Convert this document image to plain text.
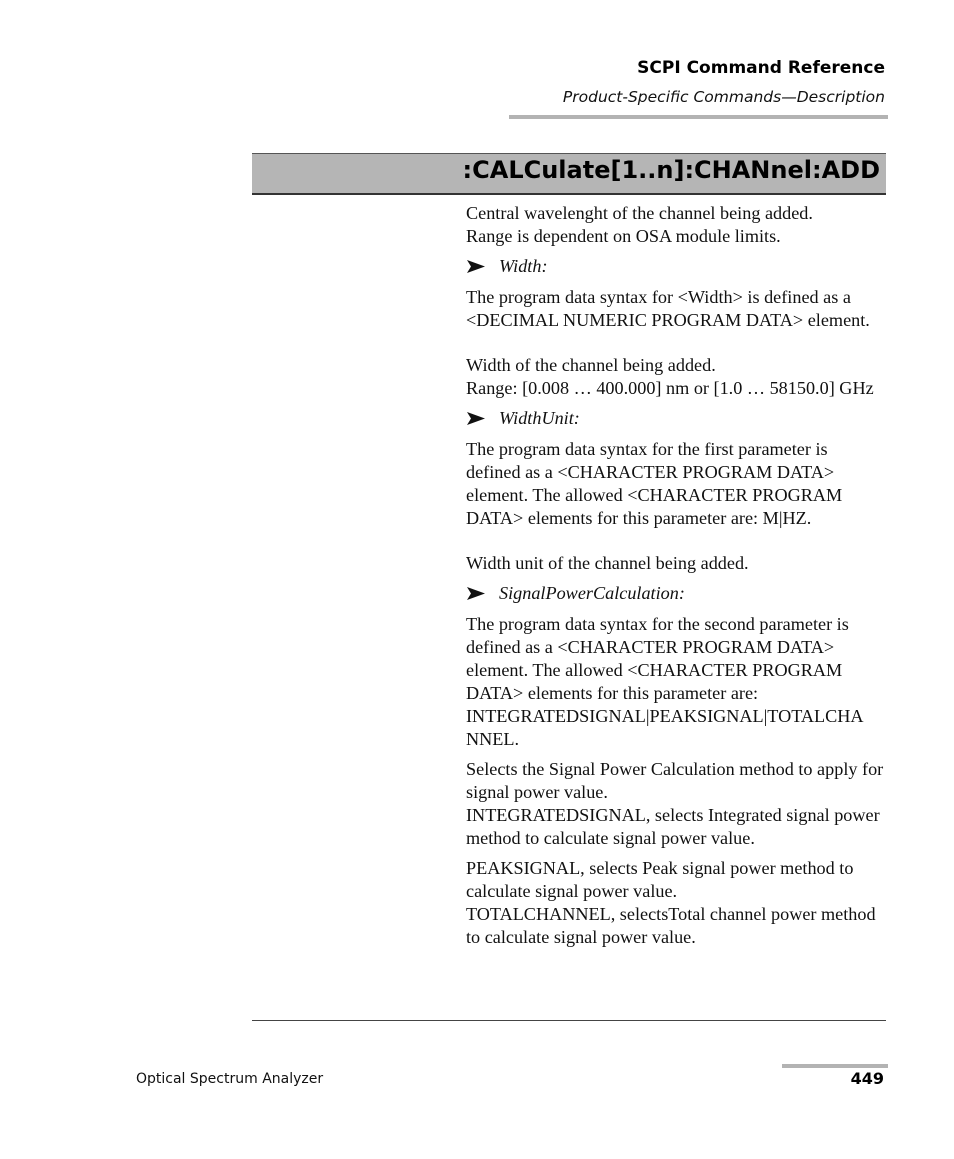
SCPI Command Reference
Product-Specific Commands—Description
:CALCulate[1..n]:CHANnel:ADD

Central wavelenght of the channel being added.
Range is dependent on OSA module limits.

Width:

The program data syntax for <Width> is defined as a <DECIMAL NUMERIC PROGRAM DATA> element.

Width of the channel being added.
Range: [0.008 … 400.000] nm or [1.0 … 58150.0] GHz

WidthUnit:

The program data syntax for the first parameter is defined as a <CHARACTER PROGRAM DATA> element. The allowed <CHARACTER PROGRAM DATA> elements for this parameter are: M|HZ.

Width unit of the channel being added.

SignalPowerCalculation:

The program data syntax for the second parameter is defined as a <CHARACTER PROGRAM DATA> element. The allowed <CHARACTER PROGRAM DATA> elements for this parameter are:
INTEGRATEDSIGNAL|PEAKSIGNAL|TOTALCHA
NNEL.

Selects the Signal Power Calculation method to apply for signal power value.
INTEGRATEDSIGNAL, selects Integrated signal power method to calculate signal power value.

PEAKSIGNAL, selects Peak signal power method to calculate signal power value.
TOTALCHANNEL, selectsTotal channel power method to calculate signal power value.

Optical Spectrum Analyzer	449
